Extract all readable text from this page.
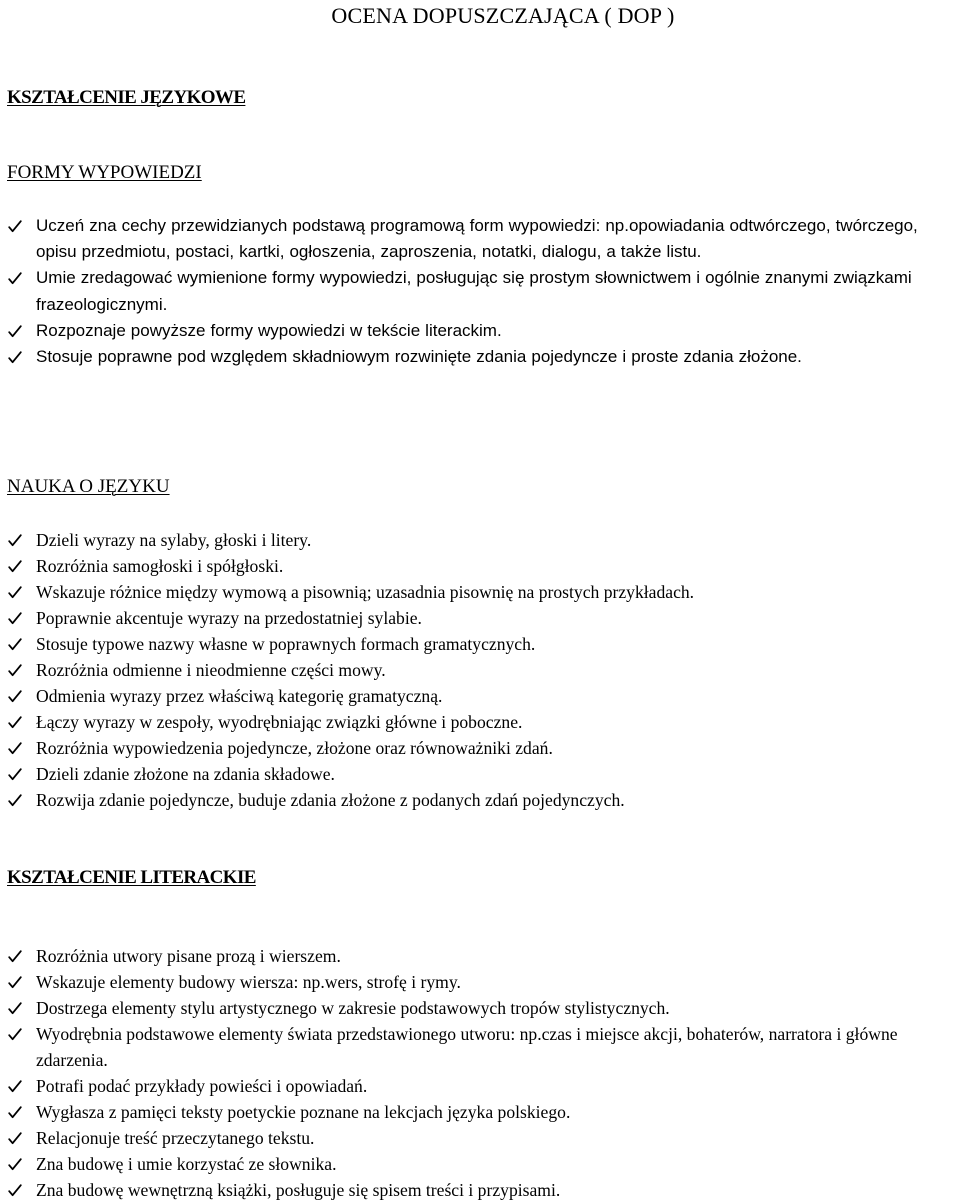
OCENA DOPUSZCZAJĄCA ( DOP )
KSZTAŁCENIE JĘZYKOWE
FORMY WYPOWIEDZI
Uczeń zna cechy przewidzianych podstawą programową form wypowiedzi: np.opowiadania odtwórczego, twórczego, opisu przedmiotu, postaci, kartki, ogłoszenia, zaproszenia, notatki, dialogu, a także listu.
Umie zredagować wymienione formy wypowiedzi, posługując się prostym słownictwem i ogólnie znanymi związkami frazeologicznymi.
Rozpoznaje powyższe formy wypowiedzi w tekście literackim.
Stosuje poprawne pod względem składniowym rozwinięte zdania pojedyncze i proste zdania złożone.
NAUKA O JĘZYKU
Dzieli wyrazy na sylaby, głoski i litery.
Rozróżnia samogłoski i spółgłoski.
Wskazuje różnice między wymową a pisownią; uzasadnia pisownię na prostych przykładach.
Poprawnie akcentuje wyrazy na przedostatniej sylabie.
Stosuje typowe nazwy własne w poprawnych formach gramatycznych.
Rozróżnia odmienne i nieodmienne części mowy.
Odmienia wyrazy przez właściwą kategorię gramatyczną.
Łączy wyrazy w zespoły, wyodrębniając związki główne i poboczne.
Rozróżnia wypowiedzenia pojedyncze, złożone oraz równoważniki zdań.
Dzieli zdanie złożone na zdania składowe.
Rozwija zdanie pojedyncze, buduje zdania złożone z podanych zdań pojedynczych.
KSZTAŁCENIE LITERACKIE
Rozróżnia utwory pisane prozą i wierszem.
Wskazuje elementy budowy wiersza: np.wers, strofę i rymy.
Dostrzega elementy stylu artystycznego w zakresie podstawowych tropów stylistycznych.
Wyodrębnia podstawowe elementy świata przedstawionego utworu: np.czas i miejsce akcji, bohaterów, narratora i główne zdarzenia.
Potrafi podać przykłady powieści i opowiadań.
Wygłasza z pamięci teksty poetyckie poznane na lekcjach języka polskiego.
Relacjonuje treść przeczytanego tekstu.
Zna budowę i umie korzystać ze słownika.
Zna budowę wewnętrzną książki, posługuje się spisem treści i przypisami.
